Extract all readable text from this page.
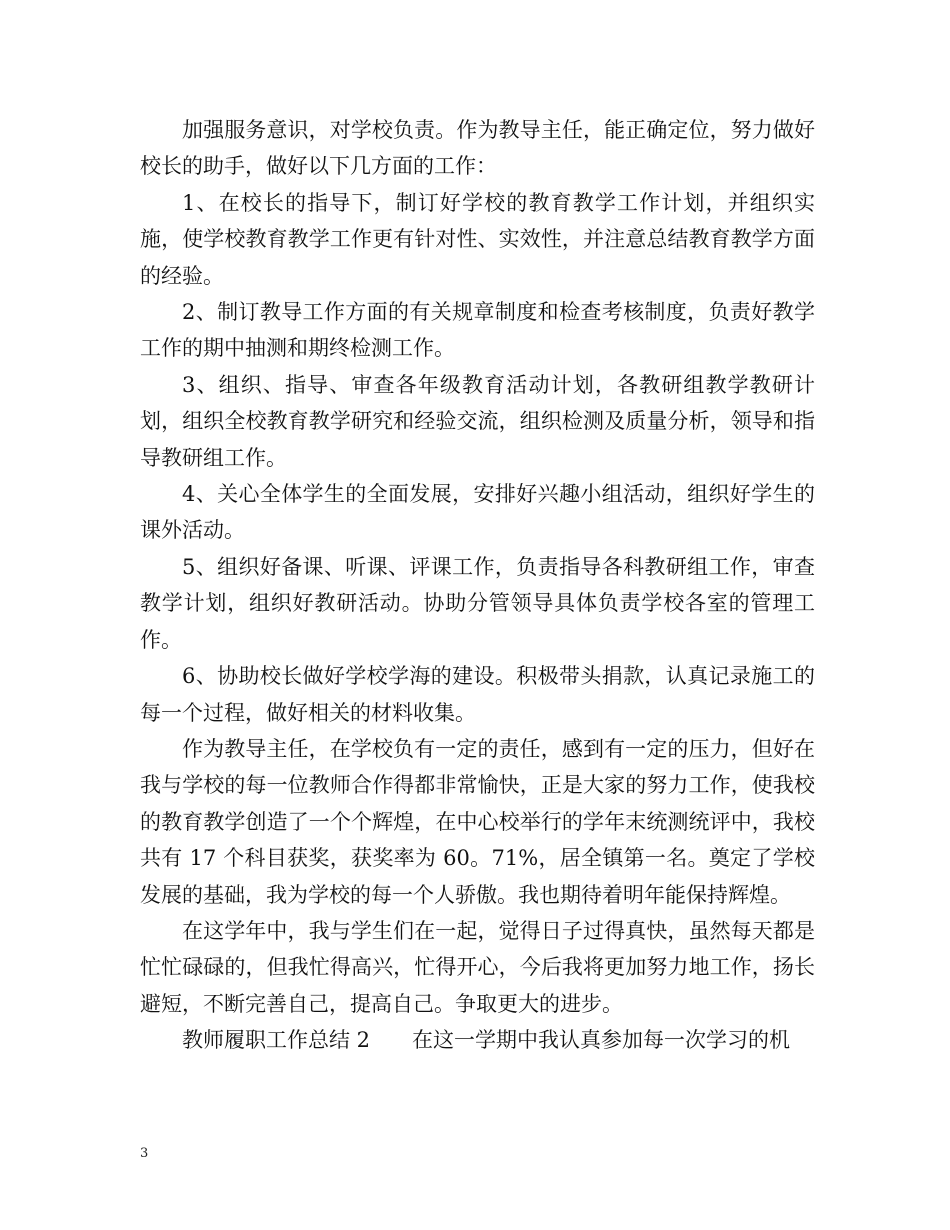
加强服务意识，对学校负责。作为教导主任，能正确定位，努力做好校长的助手，做好以下几方面的工作：

1、在校长的指导下，制订好学校的教育教学工作计划，并组织实施，使学校教育教学工作更有针对性、实效性，并注意总结教育教学方面的经验。

2、制订教导工作方面的有关规章制度和检查考核制度，负责好教学工作的期中抽测和期终检测工作。

3、组织、指导、审查各年级教育活动计划，各教研组教学教研计划，组织全校教育教学研究和经验交流，组织检测及质量分析，领导和指导教研组工作。

4、关心全体学生的全面发展，安排好兴趣小组活动，组织好学生的课外活动。

5、组织好备课、听课、评课工作，负责指导各科教研组工作，审查教学计划，组织好教研活动。协助分管领导具体负责学校各室的管理工作。

6、协助校长做好学校学海的建设。积极带头捐款，认真记录施工的每一个过程，做好相关的材料收集。

作为教导主任，在学校负有一定的责任，感到有一定的压力，但好在我与学校的每一位教师合作得都非常愉快，正是大家的努力工作，使我校的教育教学创造了一个个辉煌，在中心校举行的学年末统测统评中，我校共有 17 个科目获奖，获奖率为 60。71%，居全镇第一名。奠定了学校发展的基础，我为学校的每一个人骄傲。我也期待着明年能保持辉煌。

在这学年中，我与学生们在一起，觉得日子过得真快，虽然每天都是忙忙碌碌的，但我忙得高兴，忙得开心，今后我将更加努力地工作，扬长避短，不断完善自己，提高自己。争取更大的进步。

教师履职工作总结 2　　在这一学期中我认真参加每一次学习的机

3
